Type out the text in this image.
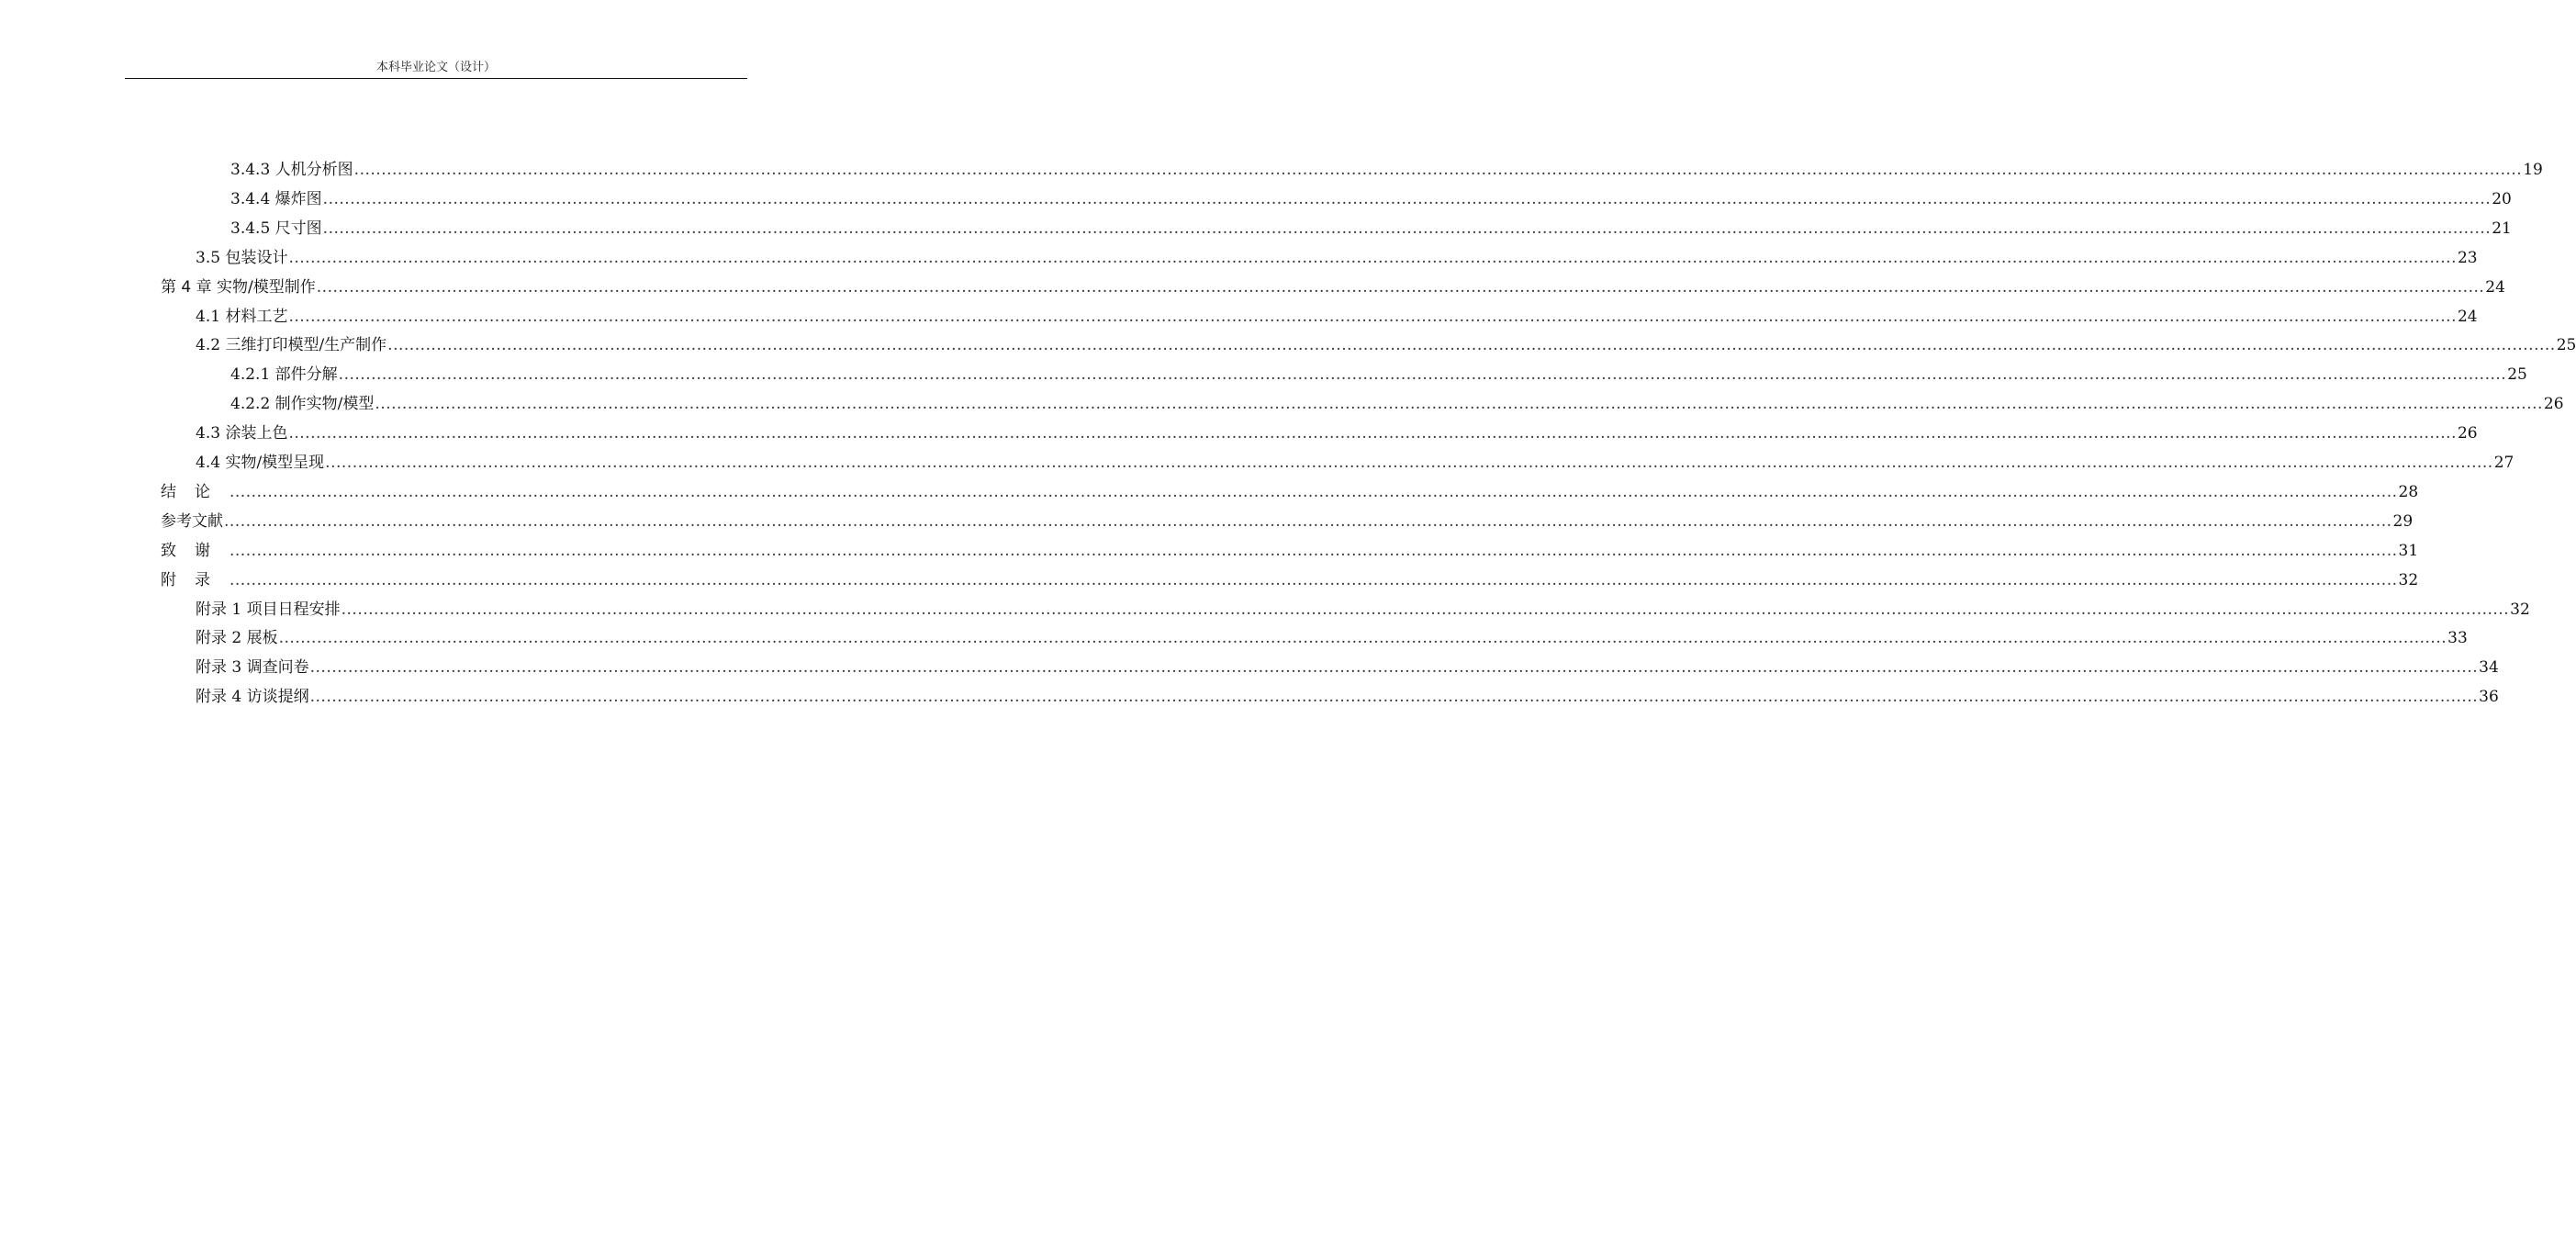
本科毕业论文（设计）
3.4.3 人机分析图 ................................................................................................................................................................................................................................................................................................................................................................................................................ 19
3.4.4 爆炸图 ................................................................................................................................................................................................................................................................................................................................................................................................................ 20
3.4.5 尺寸图 ................................................................................................................................................................................................................................................................................................................................................................................................................ 21
3.5 包装设计 ................................................................................................................................................................................................................................................................................................................................................................................................................ 23
第 4 章 实物/模型制作 ................................................................................................................................................................................................................................................................................................................................................................................................................ 24
4.1 材料工艺 ................................................................................................................................................................................................................................................................................................................................................................................................................ 24
4.2 三维打印模型/生产制作 ................................................................................................................................................................................................................................................................................................................................................................................................................ 25
4.2.1 部件分解 ................................................................................................................................................................................................................................................................................................................................................................................................................ 25
4.2.2 制作实物/模型 ................................................................................................................................................................................................................................................................................................................................................................................................................ 26
4.3 涂装上色 ................................................................................................................................................................................................................................................................................................................................................................................................................ 26
4.4 实物/模型呈现 ................................................................................................................................................................................................................................................................................................................................................................................................................ 27
结论 ................................................................................................................................................................................................................................................................................................................................................................................................................ 28
参考文献 ................................................................................................................................................................................................................................................................................................................................................................................................................ 29
致谢 ................................................................................................................................................................................................................................................................................................................................................................................................................ 31
附录 ................................................................................................................................................................................................................................................................................................................................................................................................................ 32
附录 1 项目日程安排 ................................................................................................................................................................................................................................................................................................................................................................................................................ 32
附录 2 展板 ................................................................................................................................................................................................................................................................................................................................................................................................................ 33
附录 3 调查问卷 ................................................................................................................................................................................................................................................................................................................................................................................................................ 34
附录 4 访谈提纲 ................................................................................................................................................................................................................................................................................................................................................................................................................ 36
